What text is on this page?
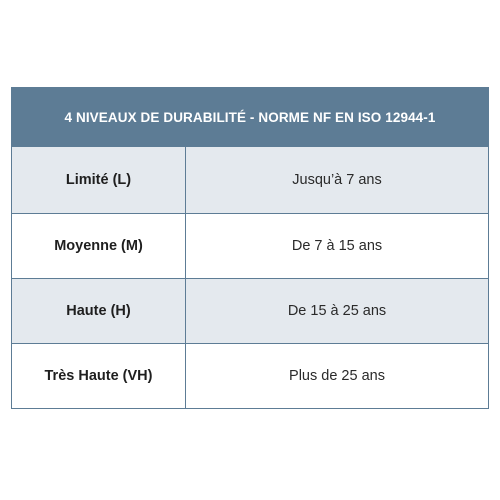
4 NIVEAUX DE DURABILITÉ - NORME NF EN ISO 12944-1
Limité (L)	Jusqu’à 7 ans
Moyenne (M)	De 7 à 15 ans
Haute (H)	De 15 à 25 ans
Très Haute (VH)	Plus de 25 ans
